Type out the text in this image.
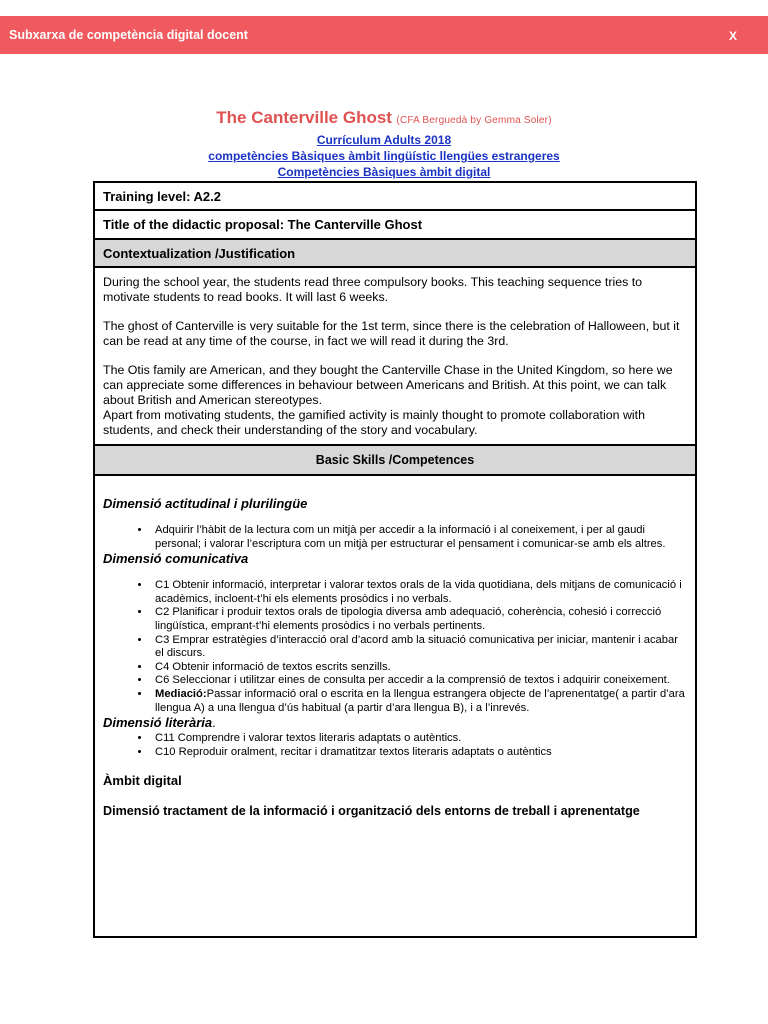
Subxarxa de competència digital docent	X
The Canterville Ghost (CFA Berguedà by Gemma Soler)
Currículum Adults 2018
competències Bàsiques àmbit lingüístic llengües estrangeres
Competències Bàsiques àmbit digital
Training level: A2.2
Title of the didactic proposal: The Canterville Ghost
Contextualization /Justification

During the school year, the students read three compulsory books. This teaching sequence tries to motivate students to read books. It will last 6 weeks.

The ghost of Canterville is very suitable for the 1st term, since there is the celebration of Halloween, but it can be read at any time of the course, in fact we will read it during the 3rd.

The Otis family are American, and they bought the Canterville Chase in the United Kingdom, so here we can appreciate some differences in behaviour between Americans and British. At this point, we can talk about British and American stereotypes.

Apart from motivating students, the gamified activity is mainly thought to promote collaboration with students, and check their understanding of the story and vocabulary.

Basic Skills /Competences

Dimensió actitudinal i plurilingüe

• Adquirir l’hàbit de la lectura com un mitjà per accedir a la informació i al coneixement, i per al gaudi personal; i valorar l’escriptura com un mitjà per estructurar el pensament i comunicar-se amb els altres.

Dimensió comunicativa

• C1 Obtenir informació, interpretar i valorar textos orals de la vida quotidiana, dels mitjans de comunicació i acadèmics, incloent-t’hi els elements prosòdics i no verbals.
• C2 Planificar i produir textos orals de tipologia diversa amb adequació, coherència, cohesió i correcció lingüística, emprant-t’hi elements prosòdics i no verbals pertinents.
• C3 Emprar estratègies d’interacció oral d’acord amb la situació comunicativa per iniciar, mantenir i acabar el discurs.
• C4 Obtenir informació de textos escrits senzills.
• C6 Seleccionar i utilitzar eines de consulta per accedir a la comprensió de textos i adquirir coneixement.
• Mediació:Passar informació oral o escrita en la llengua estrangera objecte de l’aprenentatge( a partir d’ara llengua A) a una llengua d’ús habitual (a partir d’ara llengua B), i a l’inrevés.

Dimensió literària.

• C11 Comprendre i valorar textos literaris adaptats o autèntics.
• C10 Reproduir oralment, recitar i dramatitzar textos literaris adaptats o autèntics

Àmbit digital

Dimensió tractament de la informació i organització dels entorns de treball i aprenentatge
